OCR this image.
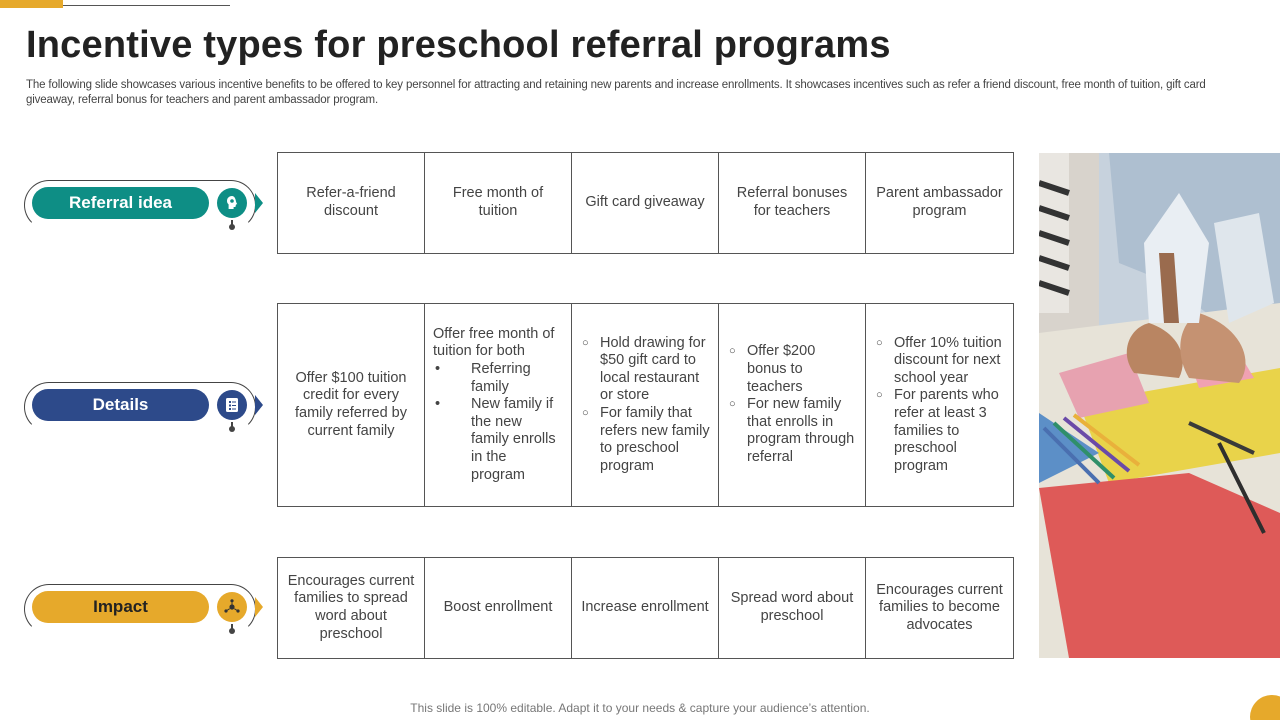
Incentive types for preschool referral programs

The following slide showcases various incentive benefits to be offered to key personnel for attracting and retaining new parents and increase enrollments. It showcases incentives such as refer a friend discount, free month of tuition, gift card giveaway, referral bonus for teachers and parent ambassador program.

Referral idea
Details
Impact
Refer-a-friend discount
Free month of tuition
Gift card giveaway
Referral bonuses for teachers
Parent ambassador program
Offer $100 tuition credit for every family referred by current family
Offer free month of tuition for both
• Referring family
• New family if the new family enrolls in the program
○ Hold drawing for $50 gift card to local restaurant or store
○ For family that refers new family to preschool program
○ Offer $200 bonus to teachers
○ For new family that enrolls in program through referral
○ Offer 10% tuition discount for next school year
○ For parents who refer at least 3 families to preschool program
Encourages current families to spread word about preschool
Boost enrollment	Increase enrollment
Spread word about preschool
Encourages current families to become advocates
This slide is 100% editable. Adapt it to your needs & capture your audience’s attention.
